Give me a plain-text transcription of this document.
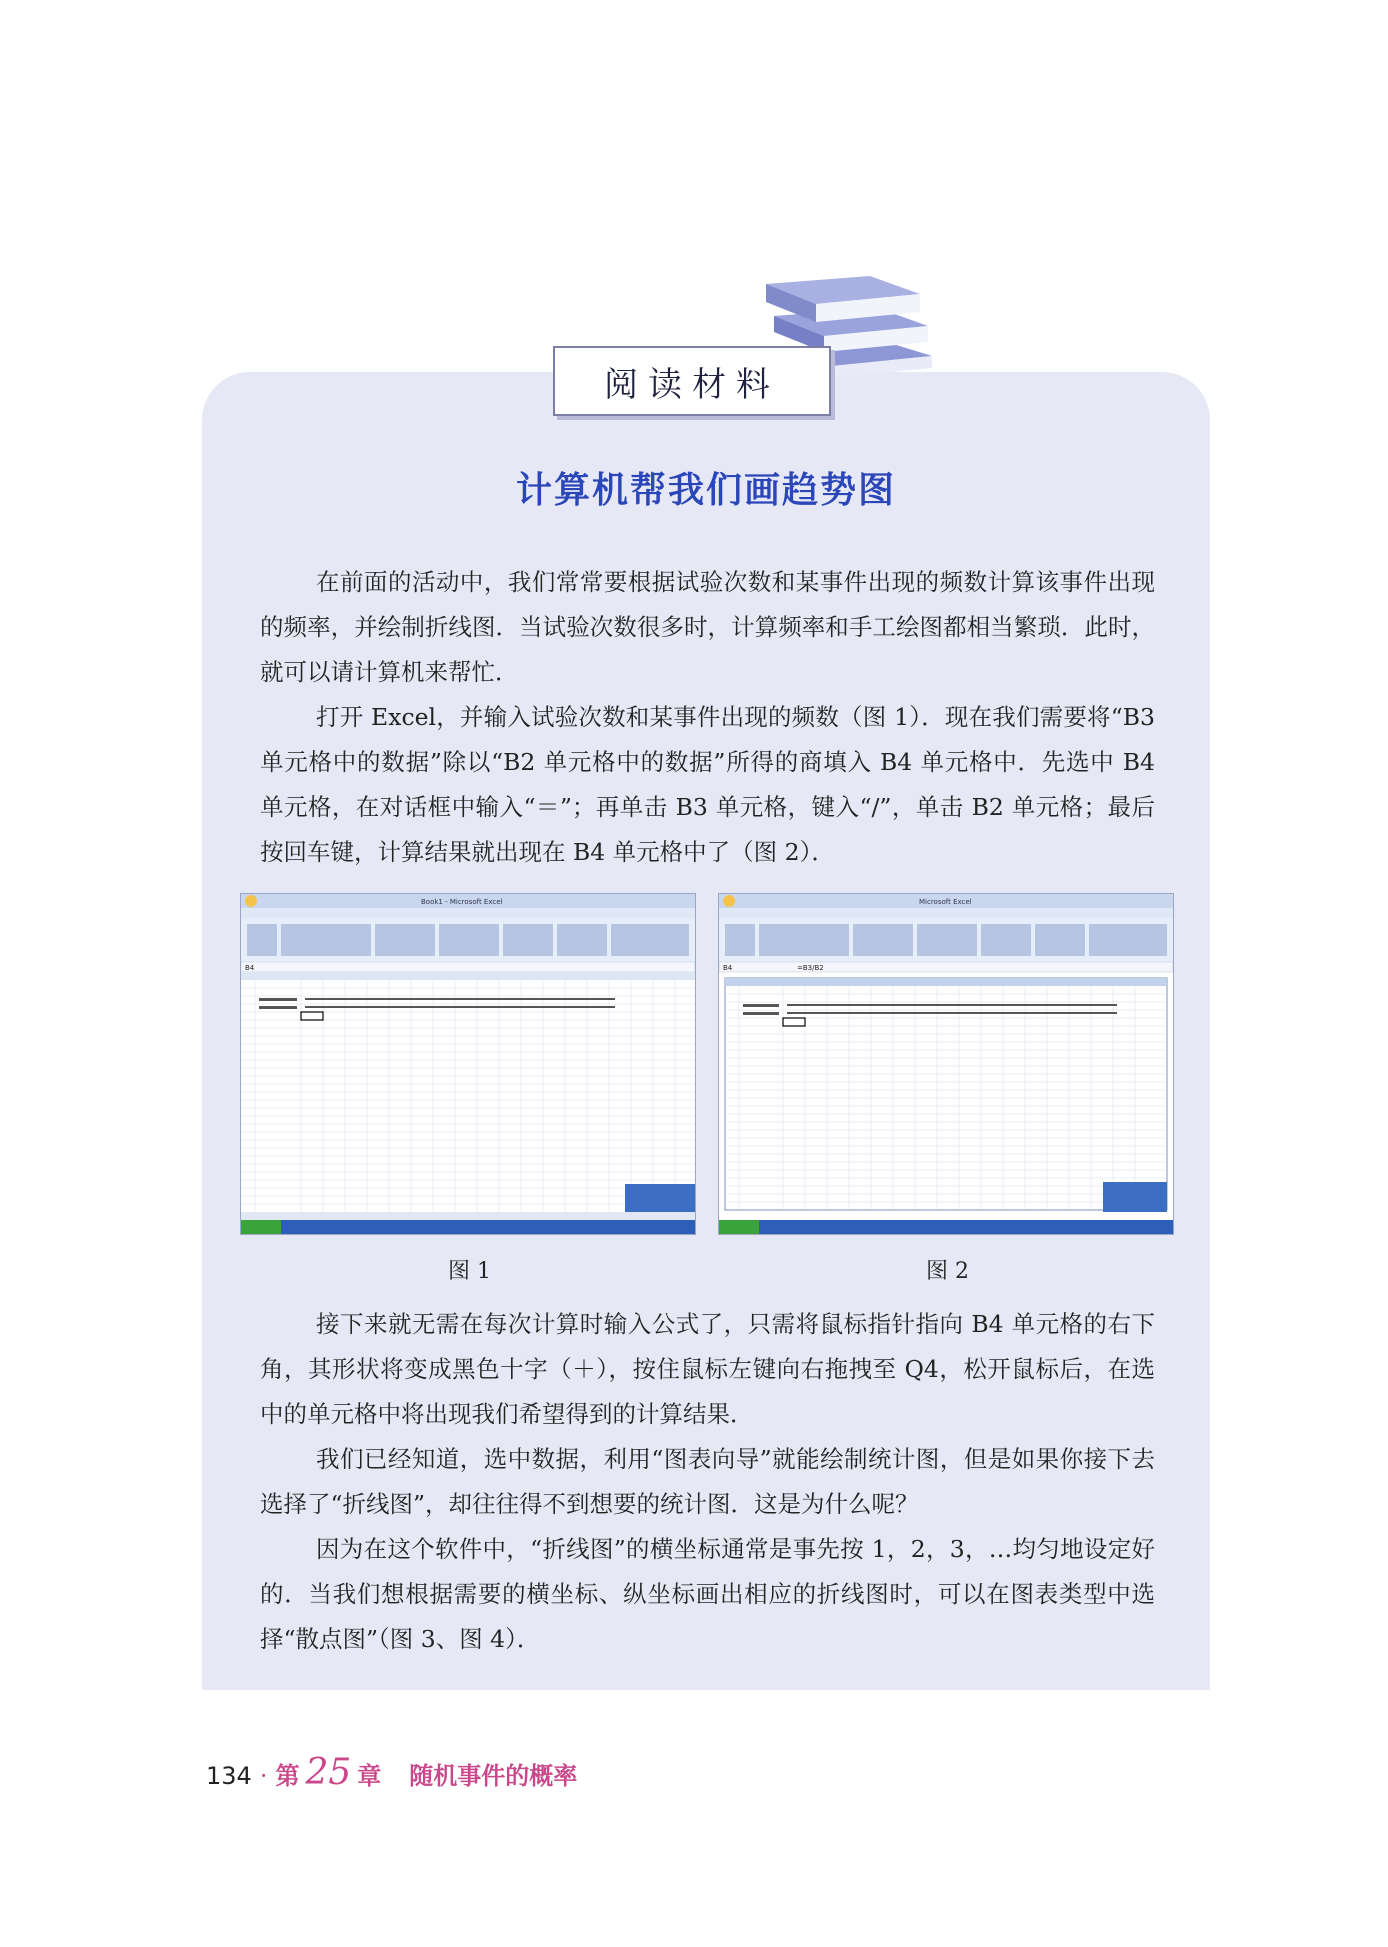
阅读材料
计算机帮我们画趋势图

在前面的活动中，我们常常要根据试验次数和某事件出现的频数计算该事件出现的频率，并绘制折线图．当试验次数很多时，计算频率和手工绘图都相当繁琐．此时，就可以请计算机来帮忙．

打开 Excel，并输入试验次数和某事件出现的频数（图 1）．现在我们需要将“B3 单元格中的数据”除以“B2 单元格中的数据”所得的商填入 B4 单元格中．先选中 B4 单元格，在对话框中输入“＝”；再单击 B3 单元格，键入“/”，单击 B2 单元格；最后按回车键，计算结果就出现在 B4 单元格中了（图 2）．

Book1 - Microsoft Excel
B4
Microsoft Excel
B4	=B3/B2
图 1	图 2

接下来就无需在每次计算时输入公式了，只需将鼠标指针指向 B4 单元格的右下角，其形状将变成黑色十字（＋），按住鼠标左键向右拖拽至 Q4，松开鼠标后，在选中的单元格中将出现我们希望得到的计算结果．

我们已经知道，选中数据，利用“图表向导”就能绘制统计图，但是如果你接下去选择了“折线图”，却往往得不到想要的统计图．这是为什么呢？

因为在这个软件中，“折线图”的横坐标通常是事先按 1，2，3，…均匀地设定好的．当我们想根据需要的横坐标、纵坐标画出相应的折线图时，可以在图表类型中选择“散点图”（图 3、图 4）．

134 · 第 25 章 随机事件的概率
